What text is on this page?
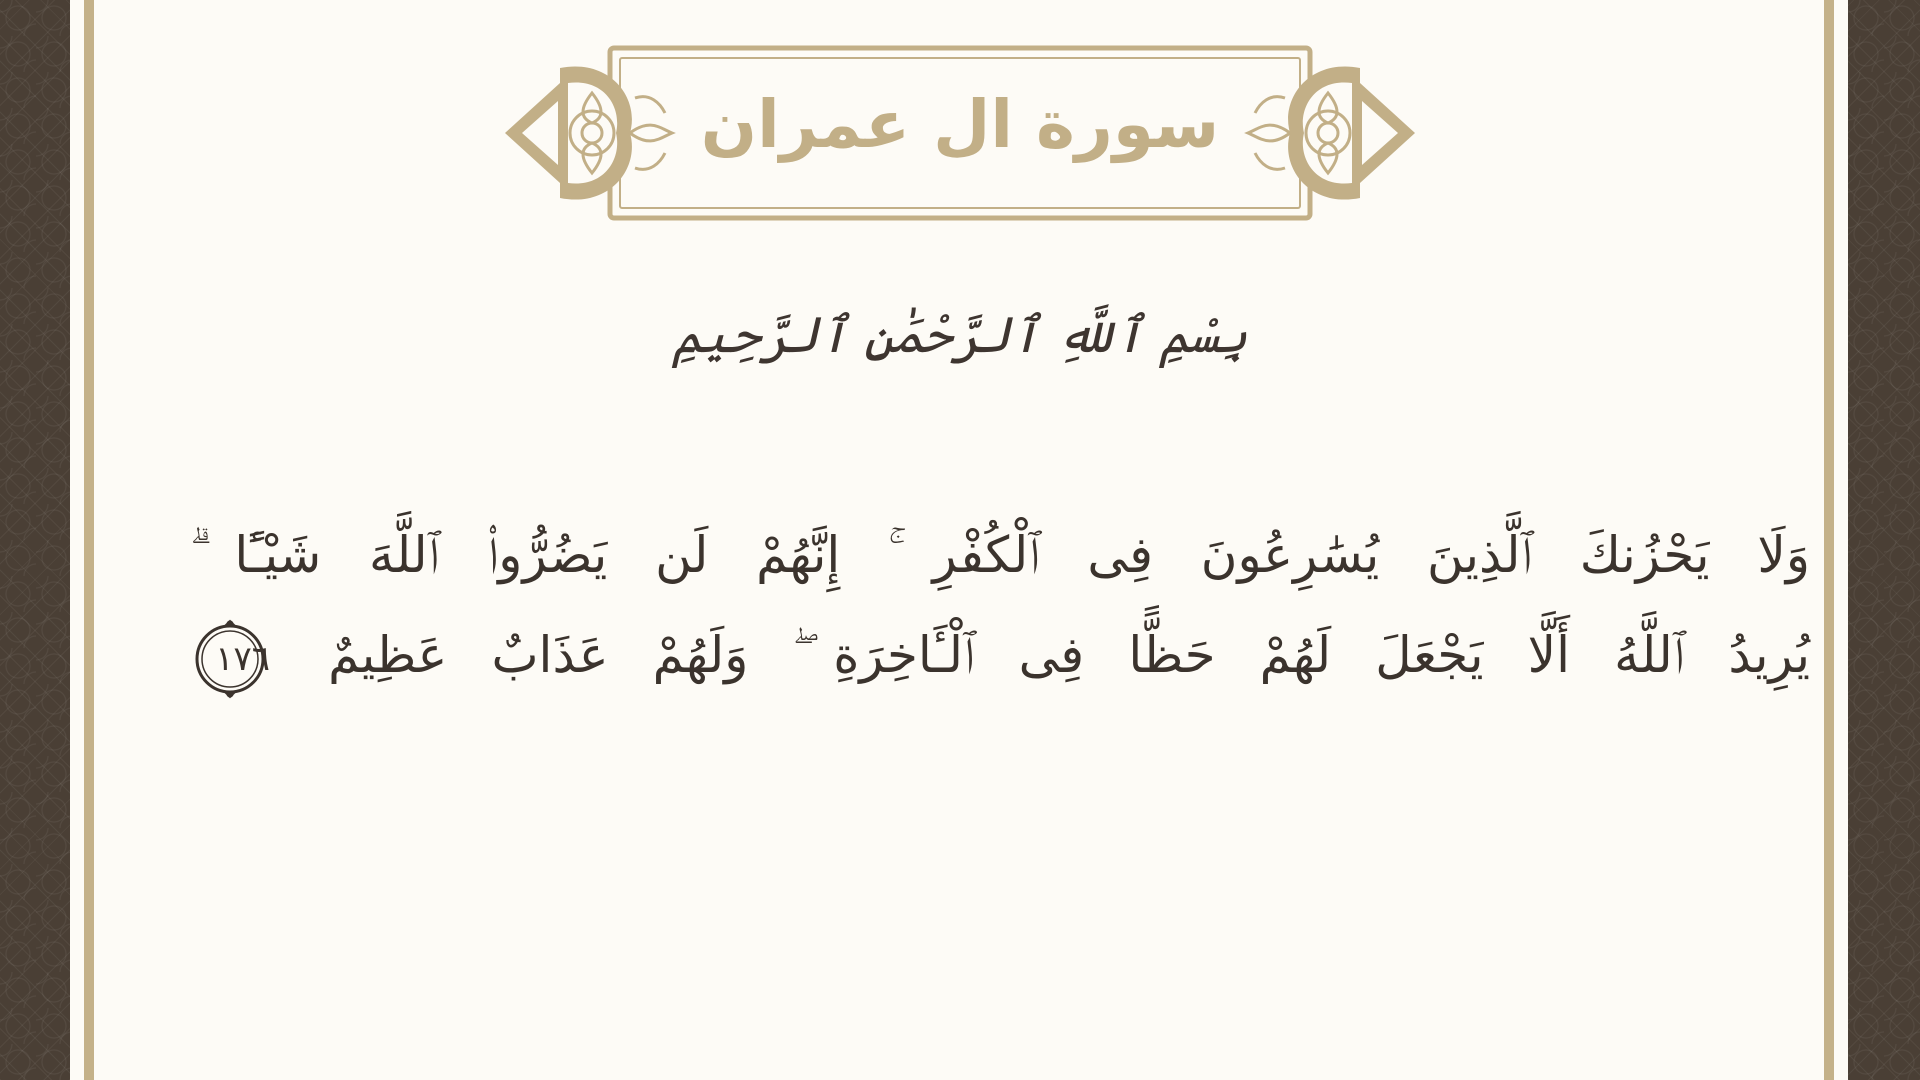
سورة ال عمران
بِسْمِ ٱللَّهِ ٱلرَّحْمَٰنِ ٱلرَّحِيمِ
وَلَا يَحْزُنكَ ٱلَّذِينَ يُسَٰرِعُونَ فِى ٱلْكُفْرِ ۚ إِنَّهُمْ لَن يَضُرُّوا۟ ٱللَّهَ شَيْـًٔا ۗ
يُرِيدُ ٱللَّهُ أَلَّا يَجْعَلَ لَهُمْ حَظًّا فِى ٱلْـَٔاخِرَةِ ۖ وَلَهُمْ عَذَابٌ عَظِيمٌ
١٧٦
